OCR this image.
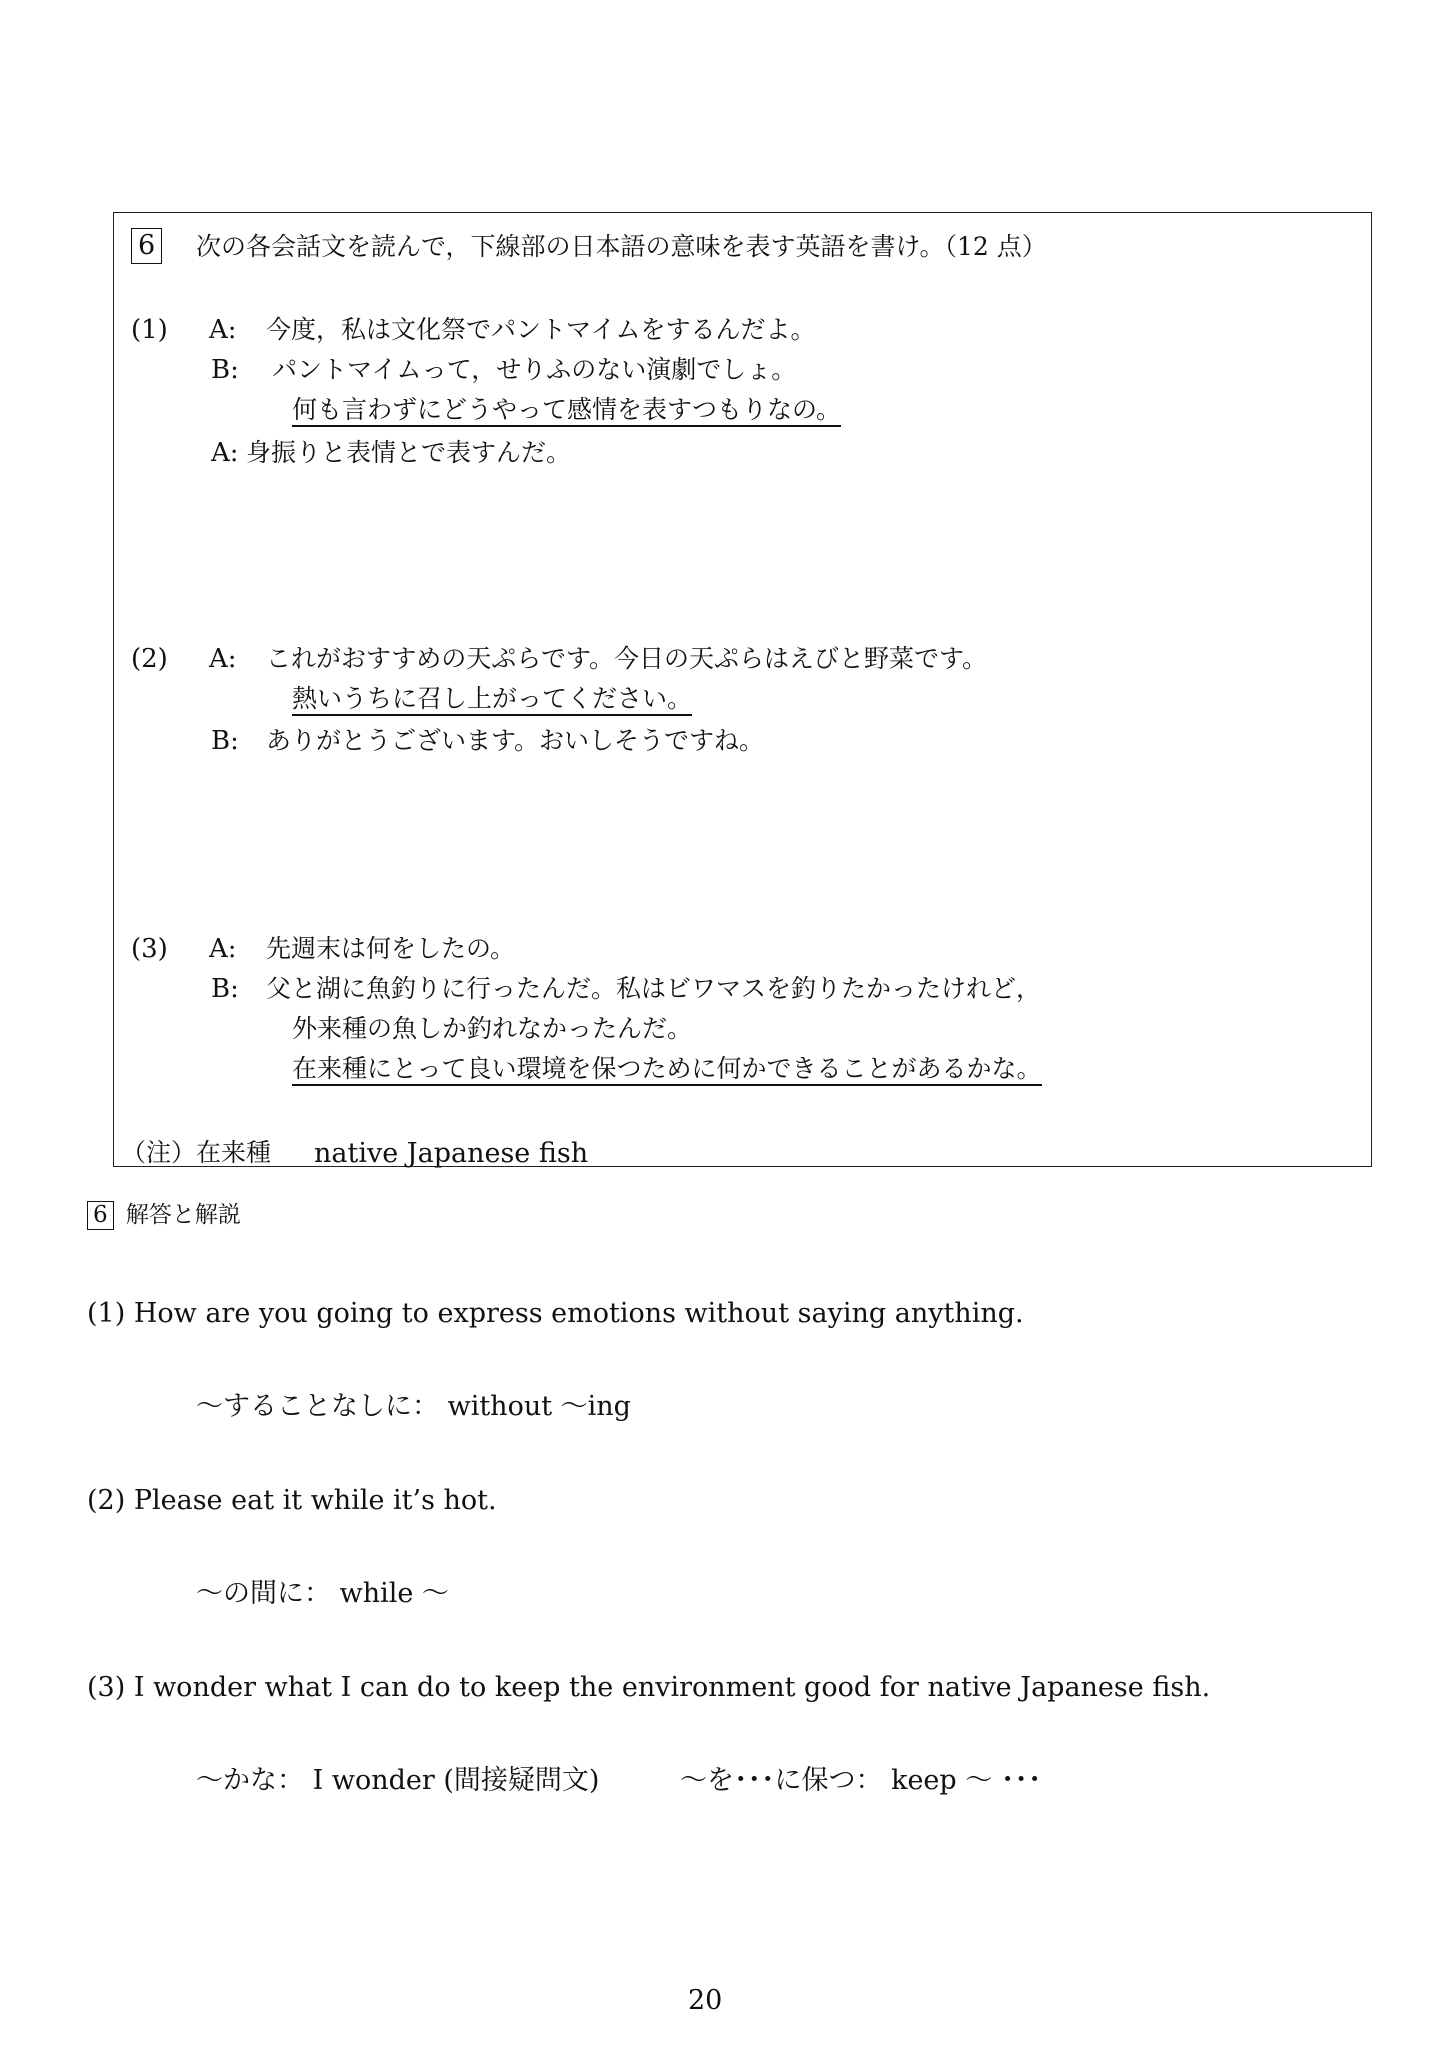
6 次の各会話文を読んで，下線部の日本語の意味を表す英語を書け。（12 点）
(1) A: 今度，私は文化祭でパントマイムをするんだよ。
B: パントマイムって，せりふのない演劇でしょ。
何も言わずにどうやって感情を表すつもりなの。
A: 身振りと表情とで表すんだ。
(2) A: これがおすすめの天ぷらです。今日の天ぷらはえびと野菜です。
熱いうちに召し上がってください。
B: ありがとうございます。おいしそうですね。
(3) A: 先週末は何をしたの。
B: 父と湖に魚釣りに行ったんだ。私はビワマスを釣りたかったけれど，
外来種の魚しか釣れなかったんだ。
在来種にとって良い環境を保つために何かできることがあるかな。
（注）在来種 native Japanese fish
6 解答と解説
(1) How are you going to express emotions without saying anything.
～することなしに： without ～ing
(2) Please eat it while it’s hot.
～の間に： while ～
(3) I wonder what I can do to keep the environment good for native Japanese fish.
～かな： I wonder (間接疑問文)	～を･･･に保つ： keep ～ ･･･
20
